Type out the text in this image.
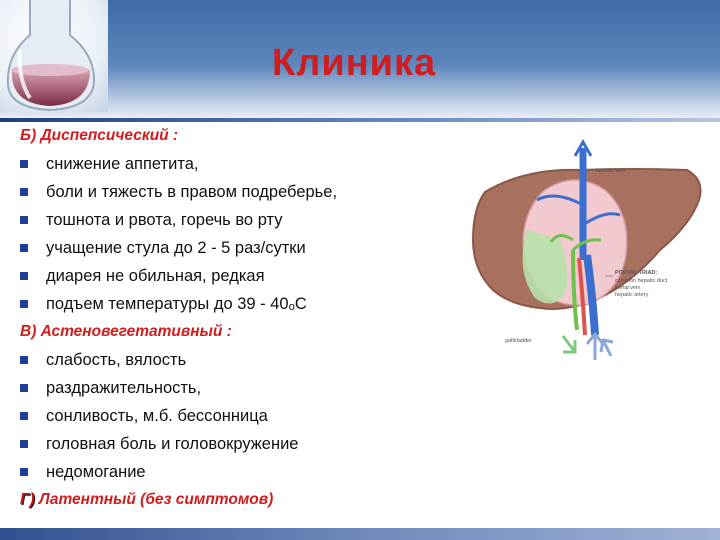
Клиника
Б) Диспепсический :
снижение аппетита,
боли и тяжесть в правом подреберье,
тошнота и рвота, горечь во рту
учащение стула до 2 - 5 раз/сутки
диарея не обильная, редкая
подъем температуры до 39 - 40ₒС
В) Астеновегетативный :
слабость, вялость
раздражительность,
сонливость, м.б. бессонница
головная боль и головокружение
недомогание
Г) Латентный (без симптомов)
hepatic vein
PORTAL TRIAD:
common hepatic duct
portal vein
hepatic artery
gallbladder
